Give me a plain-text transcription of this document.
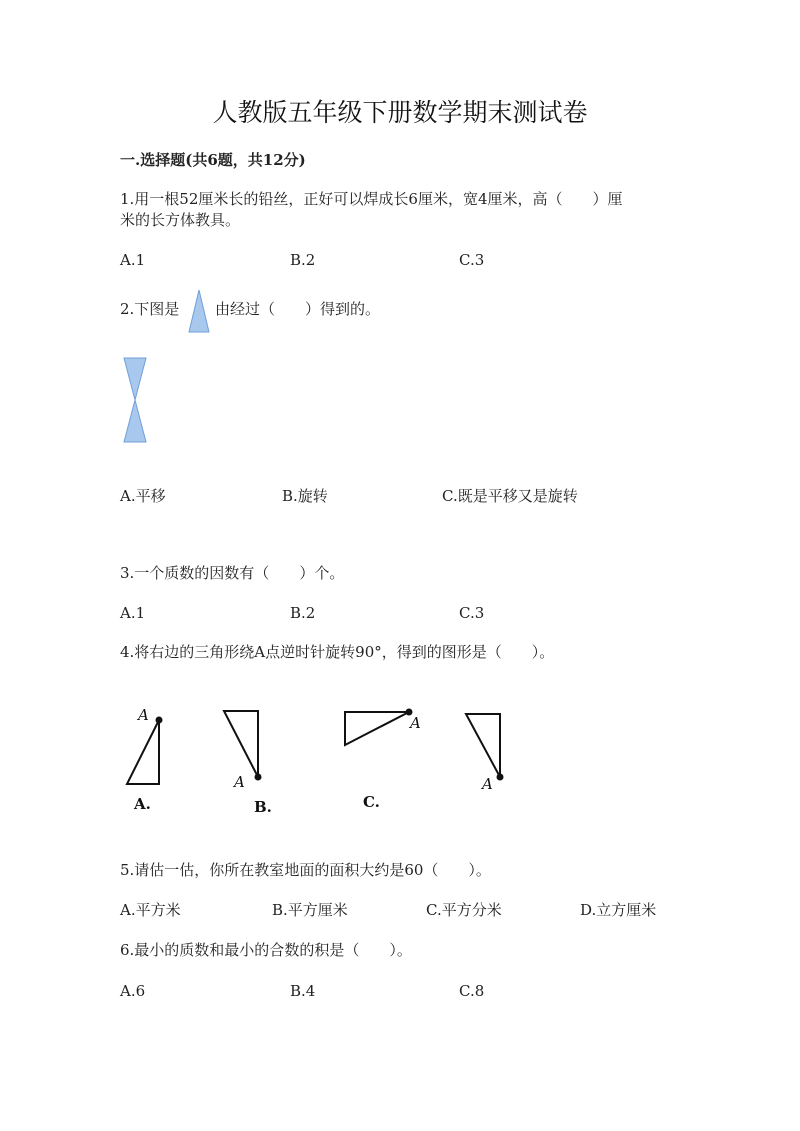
人教版五年级下册数学期末测试卷
一.选择题(共6题，共12分)
1.用一根52厘米长的铅丝，正好可以焊成长6厘米，宽4厘米，高（　　）厘
米的长方体教具。
A.1	B.2	C.3
2.下图是 由经过（　　）得到的。
A.平移	B.旋转	C.既是平移又是旋转
3.一个质数的因数有（　　）个。
A.1	B.2	C.3
4.将右边的三角形绕A点逆时针旋转90°，得到的图形是（　　）。
A
A.
A
B.
A
C.
A
5.请估一估，你所在教室地面的面积大约是60（　　）。
A.平方米	B.平方厘米	C.平方分米	D.立方厘米
6.最小的质数和最小的合数的积是（　　）。
A.6	B.4	C.8
